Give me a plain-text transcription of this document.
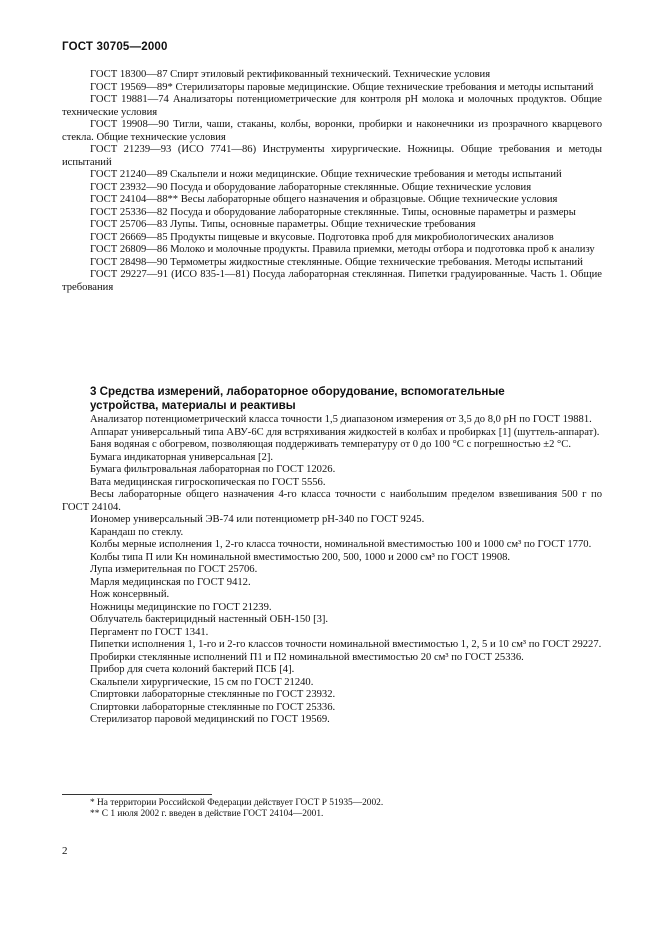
ГОСТ 30705—2000

ГОСТ 18300—87 Спирт этиловый ректификованный технический. Технические условия

ГОСТ 19569—89* Стерилизаторы паровые медицинские. Общие технические требования и методы испытаний

ГОСТ 19881—74 Анализаторы потенциометрические для контроля рН молока и молочных продуктов. Общие технические условия

ГОСТ 19908—90 Тигли, чаши, стаканы, колбы, воронки, пробирки и наконечники из прозрачного кварцевого стекла. Общие технические условия

ГОСТ 21239—93 (ИСО 7741—86) Инструменты хирургические. Ножницы. Общие требования и методы испытаний

ГОСТ 21240—89 Скальпели и ножи медицинские. Общие технические требования и методы испытаний

ГОСТ 23932—90 Посуда и оборудование лабораторные стеклянные. Общие технические условия

ГОСТ 24104—88** Весы лабораторные общего назначения и образцовые. Общие технические условия

ГОСТ 25336—82 Посуда и оборудование лабораторные стеклянные. Типы, основные параметры и размеры

ГОСТ 25706—83 Лупы. Типы, основные параметры. Общие технические требования

ГОСТ 26669—85 Продукты пищевые и вкусовые. Подготовка проб для микробиологических анализов

ГОСТ 26809—86 Молоко и молочные продукты. Правила приемки, методы отбора и подготовка проб к анализу

ГОСТ 28498—90 Термометры жидкостные стеклянные. Общие технические требования. Методы испытаний

ГОСТ 29227—91 (ИСО 835-1—81) Посуда лабораторная стеклянная. Пипетки градуированные. Часть 1. Общие требования

3 Средства измерений, лабораторное оборудование, вспомогательные
устройства, материалы и реактивы

Анализатор потенциометрический класса точности 1,5 диапазоном измерения от 3,5 до 8,0 рН по ГОСТ 19881.

Аппарат универсальный типа АВУ-6С для встряхивания жидкостей в колбах и пробирках [1] (шуттель-аппарат).

Баня водяная с обогревом, позволяющая поддерживать температуру от 0 до 100 °С с погрешностью ±2 °С.

Бумага индикаторная универсальная [2].

Бумага фильтровальная лабораторная по ГОСТ 12026.

Вата медицинская гигроскопическая по ГОСТ 5556.

Весы лабораторные общего назначения 4-го класса точности с наибольшим пределом взвешивания 500 г по ГОСТ 24104.

Иономер универсальный ЭВ-74 или потенциометр рН-340 по ГОСТ 9245.

Карандаш по стеклу.

Колбы мерные исполнения 1, 2-го класса точности, номинальной вместимостью 100 и 1000 см³ по ГОСТ 1770.

Колбы типа П или Кн номинальной вместимостью 200, 500, 1000 и 2000 см³ по ГОСТ 19908.

Лупа измерительная по ГОСТ 25706.

Марля медицинская по ГОСТ 9412.

Нож консервный.

Ножницы медицинские по ГОСТ 21239.

Облучатель бактерицидный настенный ОБН-150 [3].

Пергамент по ГОСТ 1341.

Пипетки исполнения 1, 1-го и 2-го классов точности номинальной вместимостью 1, 2, 5 и 10 см³ по ГОСТ 29227.

Пробирки стеклянные исполнений П1 и П2 номинальной вместимостью 20 см³ по ГОСТ 25336.

Прибор для счета колоний бактерий ПСБ [4].

Скальпели хирургические, 15 см по ГОСТ 21240.

Спиртовки лабораторные стеклянные по ГОСТ 23932.

Спиртовки лабораторные стеклянные по ГОСТ 25336.

Стерилизатор паровой медицинский по ГОСТ 19569.

* На территории Российской Федерации действует ГОСТ Р 51935—2002.

** С 1 июля 2002 г. введен в действие ГОСТ 24104—2001.

2
